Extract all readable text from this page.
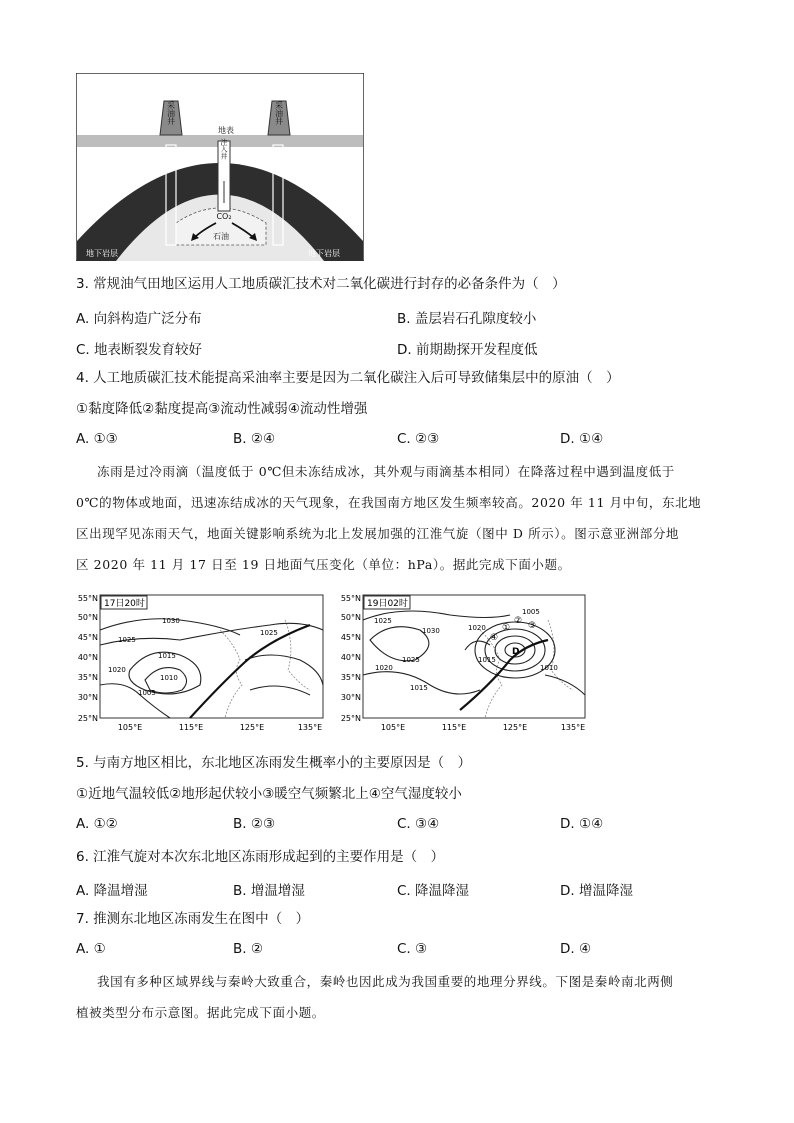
采油井	采油井
地表
注入井
CO₂
石油
地下岩层	地下岩层
3. 常规油气田地区运用人工地质碳汇技术对二氧化碳进行封存的必备条件为（　）
A. 向斜构造广泛分布	B. 盖层岩石孔隙度较小
C. 地表断裂发育较好	D. 前期勘探开发程度低
4. 人工地质碳汇技术能提高采油率主要是因为二氧化碳注入后可导致储集层中的原油（　）
①黏度降低②黏度提高③流动性减弱④流动性增强
A. ①③	B. ②④	C. ②③	D. ①④
冻雨是过冷雨滴（温度低于 0℃但未冻结成冰，其外观与雨滴基本相同）在降落过程中遇到温度低于
0℃的物体或地面，迅速冻结成冰的天气现象，在我国南方地区发生频率较高。2020 年 11 月中旬，东北地
区出现罕见冻雨天气，地面关键影响系统为北上发展加强的江淮气旋（图中 D 所示）。图示意亚洲部分地
区 2020 年 11 月 17 日至 19 日地面气压变化（单位：hPa）。据此完成下面小题。
17日20时
1030
1025
1025
1015
1010
1020
1005
55°N
50°N
45°N
40°N
35°N
30°N
25°N
105°E	115°E	125°E	135°E
19日02时
1030
1025
1020
1015
1010
1005
1020
1025
1015
①
② ③
④
D
55°N
50°N
45°N
40°N
35°N
30°N
25°N
105°E	115°E	125°E	135°E
5. 与南方地区相比，东北地区冻雨发生概率小的主要原因是（　）
①近地气温较低②地形起伏较小③暖空气频繁北上④空气湿度较小
A. ①②	B. ②③	C. ③④	D. ①④
6. 江淮气旋对本次东北地区冻雨形成起到的主要作用是（　）
A. 降温增湿	B. 增温增湿	C. 降温降湿	D. 增温降湿
7. 推测东北地区冻雨发生在图中（　）
A. ①	B. ②	C. ③	D. ④
我国有多种区域界线与秦岭大致重合，秦岭也因此成为我国重要的地理分界线。下图是秦岭南北两侧
植被类型分布示意图。据此完成下面小题。
